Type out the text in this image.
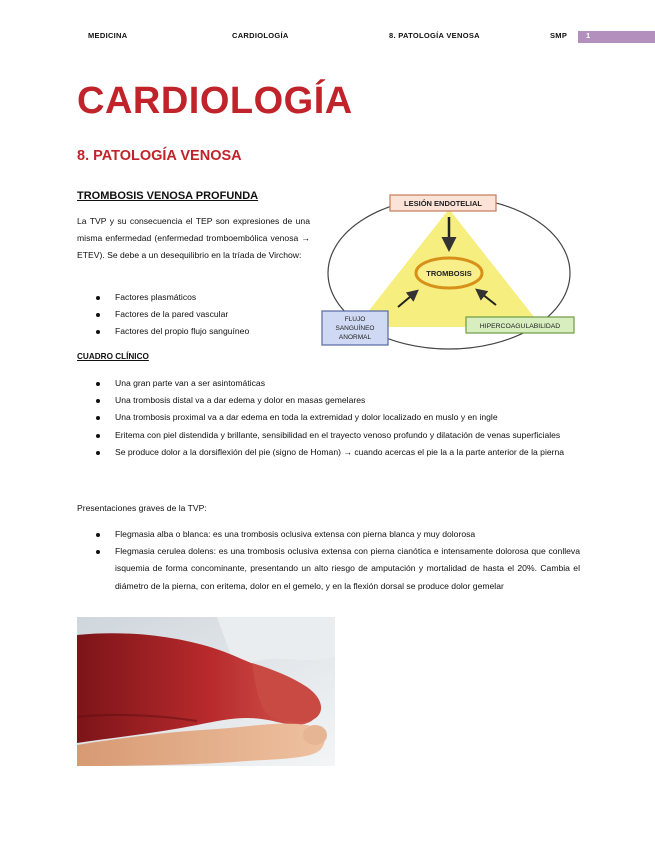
MEDICINA	CARDIOLOGÍA	8. PATOLOGÍA VENOSA	SMP	1
CARDIOLOGÍA
8. PATOLOGÍA VENOSA
TROMBOSIS VENOSA PROFUNDA
La TVP y su consecuencia el TEP son expresiones de una misma enfermedad (enfermedad tromboembólica venosa → ETEV). Se debe a un desequilibrio en la tríada de Virchow:
Factores plasmáticos
Factores de la pared vascular
Factores del propio flujo sanguíneo
TROMBOSIS
LESIÓN ENDOTELIAL
FLUJO
SANGUÍNEO
ANORMAL
HIPERCOAGULABILIDAD
CUADRO CLÍNICO
Una gran parte van a ser asintomáticas
Una trombosis distal va a dar edema y dolor en masas gemelares
Una trombosis proximal va a dar edema en toda la extremidad y dolor localizado en muslo y en ingle
Eritema con piel distendida y brillante, sensibilidad en el trayecto venoso profundo y dilatación de venas superficiales
Se produce dolor a la dorsiflexión del pie (signo de Homan) → cuando acercas el pie la a la parte anterior de la pierna
Presentaciones graves de la TVP:
Flegmasia alba o blanca: es una trombosis oclusiva extensa con pierna blanca y muy dolorosa
Flegmasia cerulea dolens: es una trombosis oclusiva extensa con pierna cianótica e intensamente dolorosa que conlleva isquemia de forma concominante, presentando un alto riesgo de amputación y mortalidad de hasta el 20%. Cambia el diámetro de la pierna, con eritema, dolor en el gemelo, y en la flexión dorsal se produce dolor gemelar
